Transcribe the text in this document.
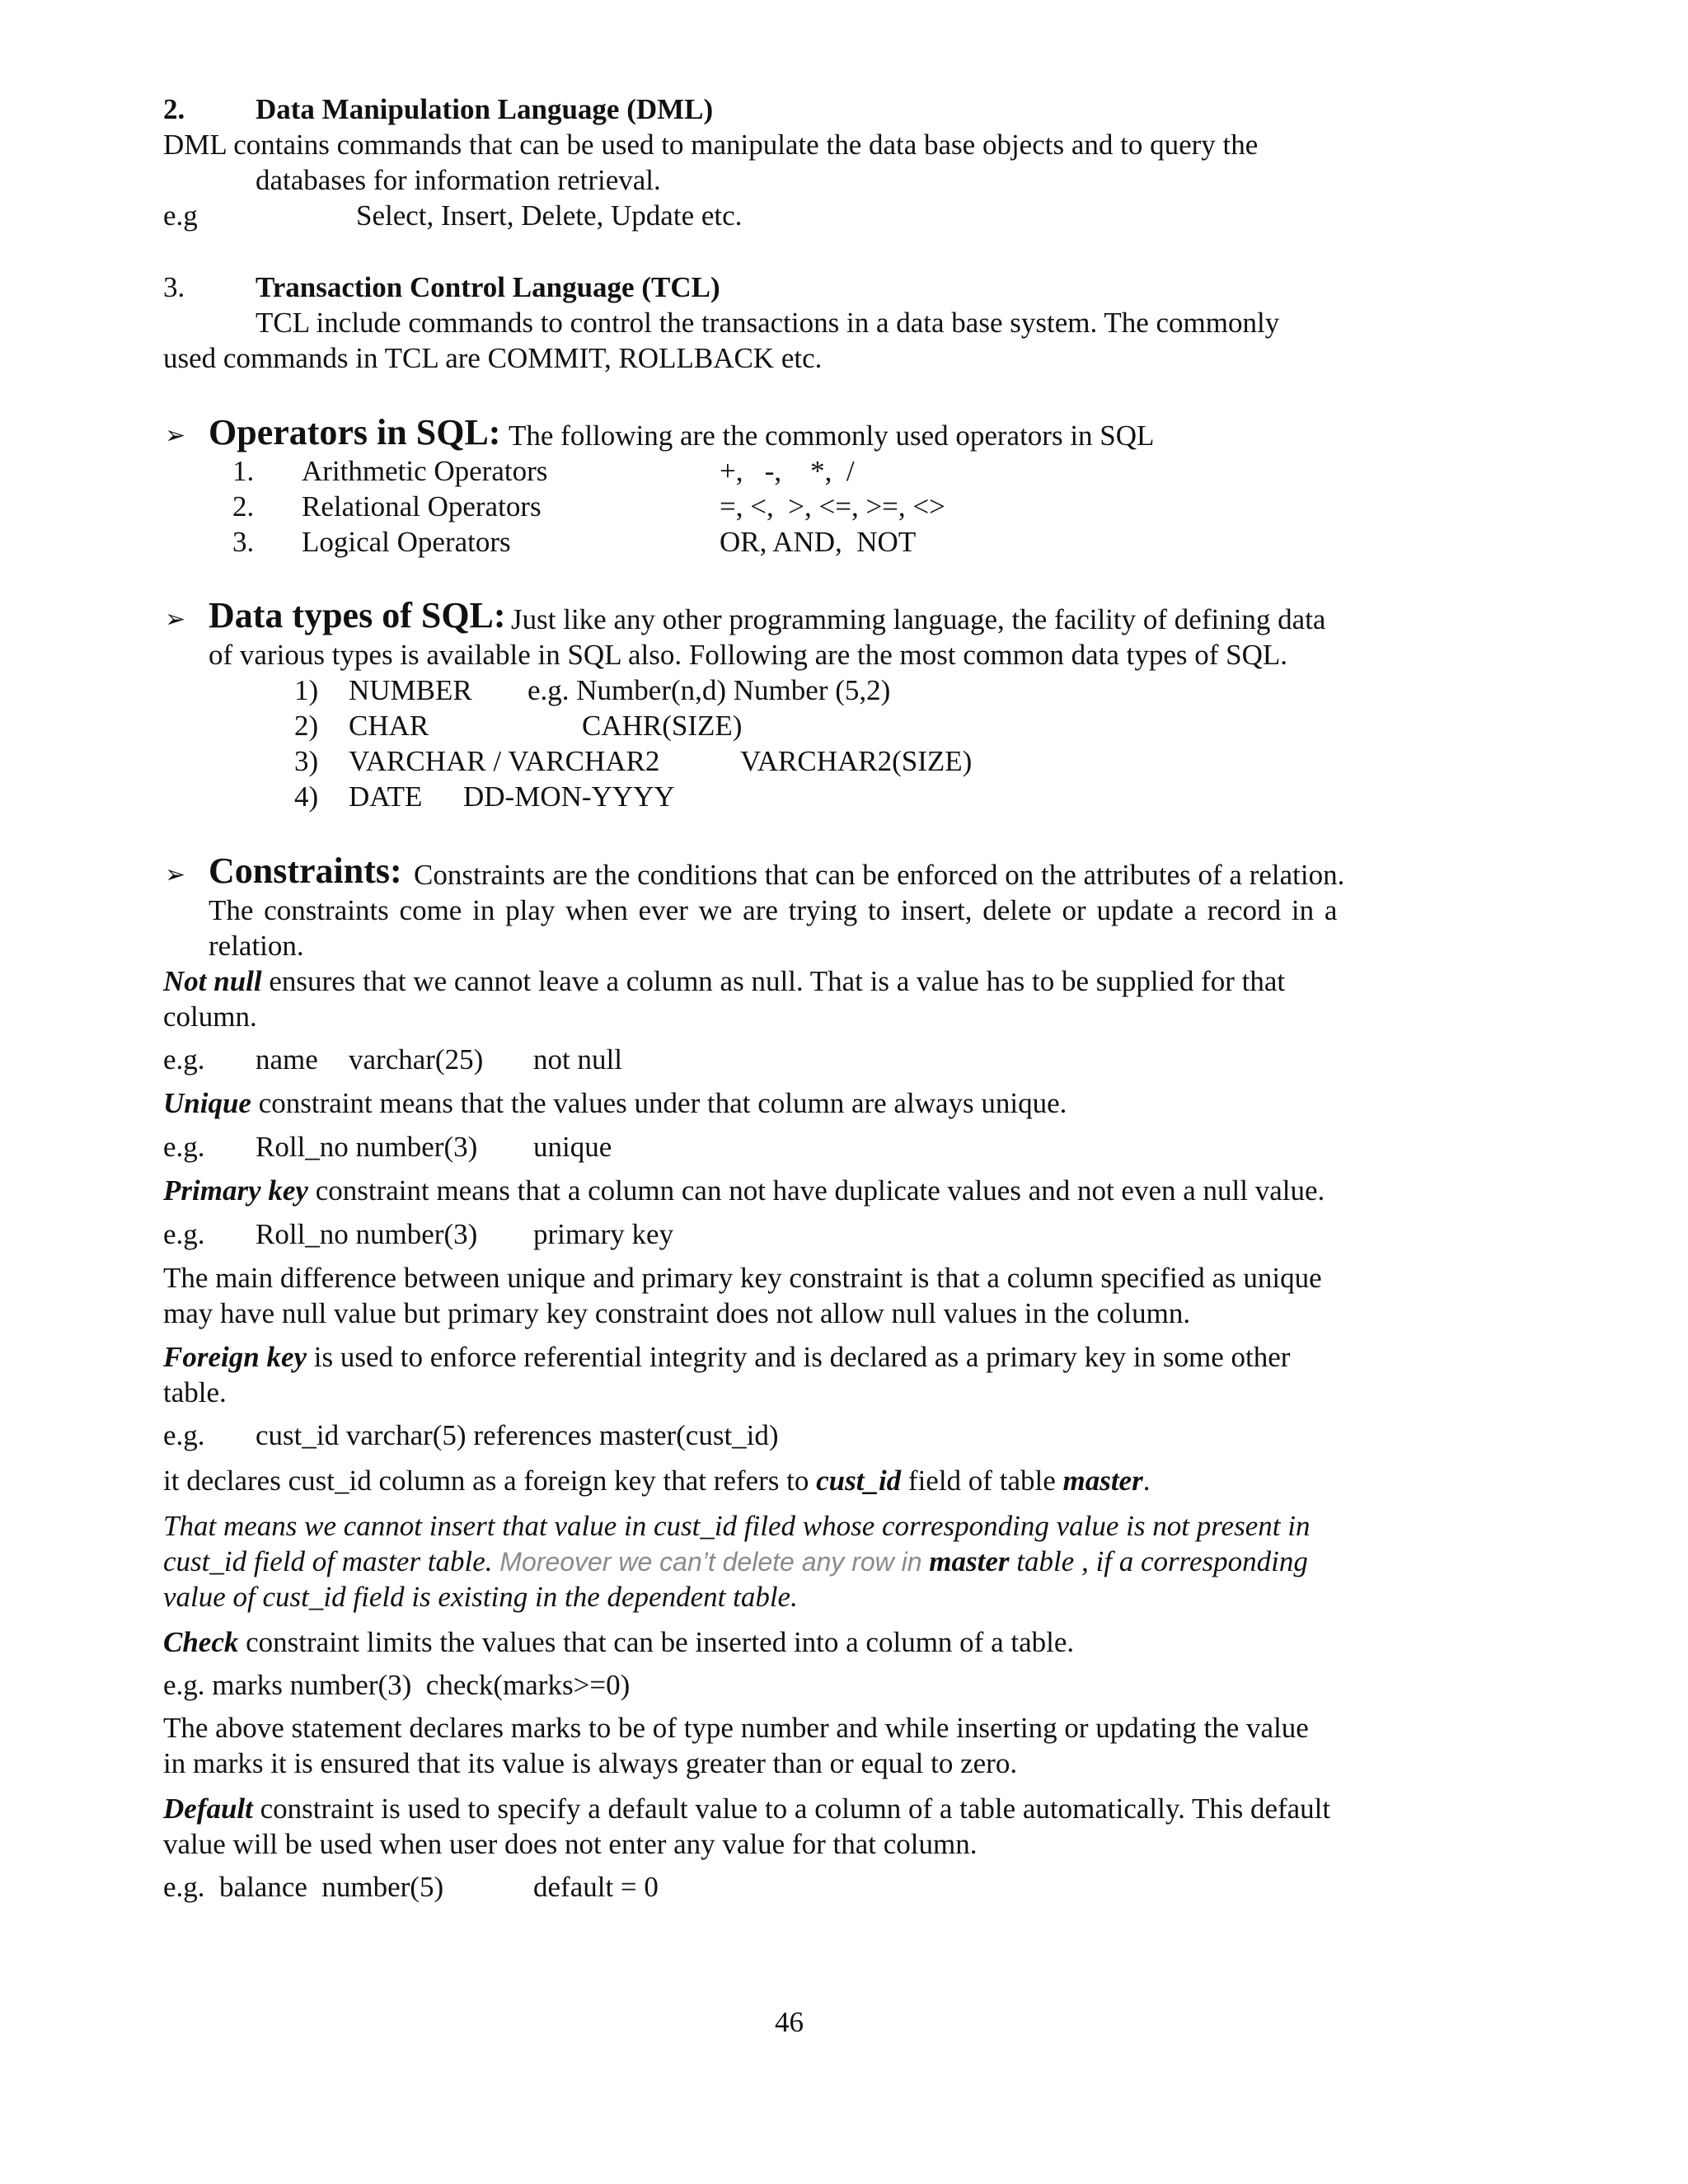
2. Data Manipulation Language (DML)
DML contains commands that can be used to manipulate the data base objects and to query the
databases for information retrieval.
e.g	Select, Insert, Delete, Update etc.
3. Transaction Control Language (TCL)
TCL include commands to control the transactions in a data base system. The commonly
used commands in TCL are COMMIT, ROLLBACK etc.
➢ Operators in SQL: The following are the commonly used operators in SQL
1. Arithmetic Operators	+,   -,    *,  /
2. Relational Operators	=, <,  >, <=, >=, <>
3. Logical Operators	OR, AND,  NOT
➢ Data types of SQL: Just like any other programming language, the facility of defining data
of various types is available in SQL also. Following are the most common data types of SQL.
1) NUMBER e.g. Number(n,d) Number (5,2)
2) CHAR	CAHR(SIZE)
3) VARCHAR / VARCHAR2	VARCHAR2(SIZE)
4) DATE DD-MON-YYYY
➢ Constraints: Constraints are the conditions that can be enforced on the attributes of a relation.
The constraints come in play when ever we are trying to insert, delete or update a record in a
relation.
Not null ensures that we cannot leave a column as null. That is a value has to be supplied for that
column.
e.g. name varchar(25) not null
Unique constraint means that the values under that column are always unique.
e.g. Roll_no number(3) unique
Primary key constraint means that a column can not have duplicate values and not even a null value.
e.g. Roll_no number(3) primary key
The main difference between unique and primary key constraint is that a column specified as unique
may have null value but primary key constraint does not allow null values in the column.
Foreign key is used to enforce referential integrity and is declared as a primary key in some other
table.
e.g. cust_id varchar(5) references master(cust_id)
it declares cust_id column as a foreign key that refers to cust_id field of table master.
That means we cannot insert that value in cust_id filed whose corresponding value is not present in
cust_id field of master table. Moreover we can’t delete any row in master table , if a corresponding
value of cust_id field is existing in the dependent table.
Check constraint limits the values that can be inserted into a column of a table.
e.g. marks number(3)  check(marks>=0)
The above statement declares marks to be of type number and while inserting or updating the value
in marks it is ensured that its value is always greater than or equal to zero.
Default constraint is used to specify a default value to a column of a table automatically. This default
value will be used when user does not enter any value for that column.
e.g.  balance  number(5)	default = 0
46
